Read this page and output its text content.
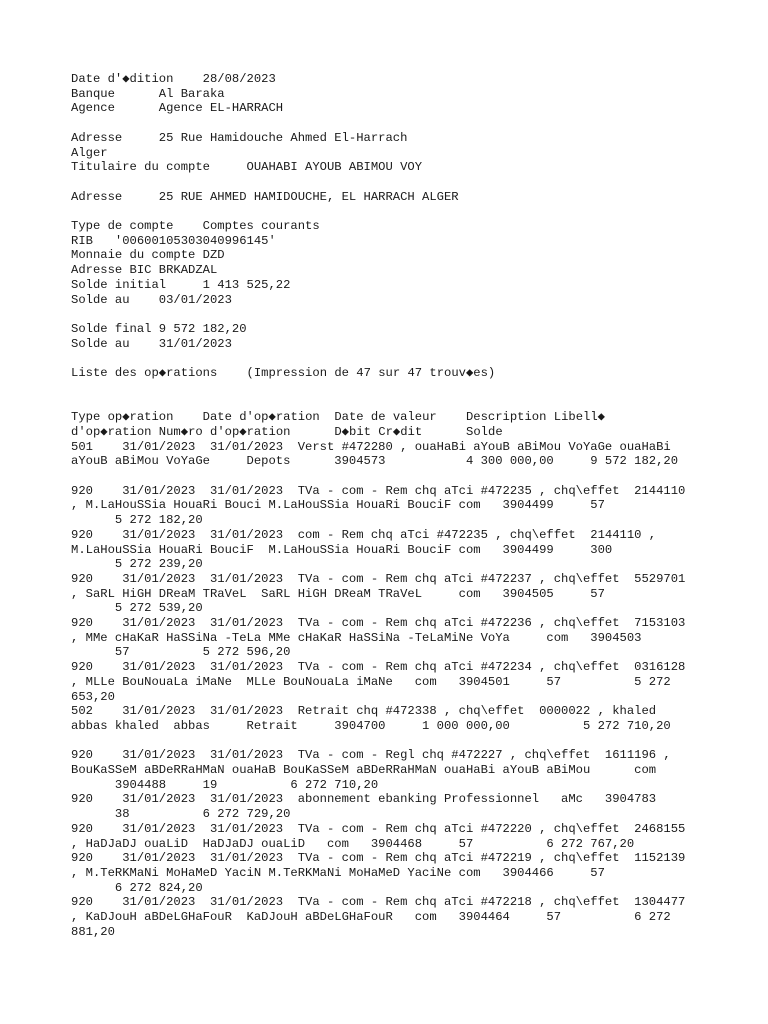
Date d'◆dition    28/08/2023
Banque      Al Baraka
Agence      Agence EL-HARRACH

Adresse     25 Rue Hamidouche Ahmed El-Harrach
Alger
Titulaire du compte     OUAHABI AYOUB ABIMOU VOY

Adresse     25 RUE AHMED HAMIDOUCHE, EL HARRACH ALGER

Type de compte    Comptes courants
RIB   '00600105303040996145'
Monnaie du compte DZD
Adresse BIC BRKADZAL
Solde initial     1 413 525,22
Solde au    03/01/2023

Solde final 9 572 182,20
Solde au    31/01/2023

Liste des op◆rations    (Impression de 47 sur 47 trouv◆es)

Type op◆ration    Date d'op◆ration  Date de valeur    Description Libell◆
d'op◆ration Num◆ro d'op◆ration      D◆bit Cr◆dit      Solde
501    31/01/2023  31/01/2023  Verst #472280 , ouaHaBi aYouB aBiMou VoYaGe ouaHaBi
aYouB aBiMou VoYaGe     Depots      3904573           4 300 000,00     9 572 182,20

920    31/01/2023  31/01/2023  TVa - com - Rem chq aTci #472235 , chq\effet  2144110
, M.LaHouSSia HouaRi Bouci M.LaHouSSia HouaRi BouciF com   3904499     57
5 272 182,20
920    31/01/2023  31/01/2023  com - Rem chq aTci #472235 , chq\effet  2144110 ,
M.LaHouSSia HouaRi BouciF  M.LaHouSSia HouaRi BouciF com   3904499     300
5 272 239,20
920    31/01/2023  31/01/2023  TVa - com - Rem chq aTci #472237 , chq\effet  5529701
, SaRL HiGH DReaM TRaVeL  SaRL HiGH DReaM TRaVeL     com   3904505     57
5 272 539,20
920    31/01/2023  31/01/2023  TVa - com - Rem chq aTci #472236 , chq\effet  7153103
, MMe cHaKaR HaSSiNa -TeLa MMe cHaKaR HaSSiNa -TeLaMiNe VoYa     com   3904503
57          5 272 596,20
920    31/01/2023  31/01/2023  TVa - com - Rem chq aTci #472234 , chq\effet  0316128
, MLLe BouNouaLa iMaNe  MLLe BouNouaLa iMaNe   com   3904501     57          5 272
653,20
502    31/01/2023  31/01/2023  Retrait chq #472338 , chq\effet  0000022 , khaled
abbas khaled  abbas     Retrait     3904700     1 000 000,00          5 272 710,20

920    31/01/2023  31/01/2023  TVa - com - Regl chq #472227 , chq\effet  1611196 ,
BouKaSSeM aBDeRRaHMaN ouaHaB BouKaSSeM aBDeRRaHMaN ouaHaBi aYouB aBiMou      com
3904488     19          6 272 710,20
920    31/01/2023  31/01/2023  abonnement ebanking Professionnel   aMc   3904783
38          6 272 729,20
920    31/01/2023  31/01/2023  TVa - com - Rem chq aTci #472220 , chq\effet  2468155
, HaDJaDJ ouaLiD  HaDJaDJ ouaLiD   com   3904468     57          6 272 767,20
920    31/01/2023  31/01/2023  TVa - com - Rem chq aTci #472219 , chq\effet  1152139
, M.TeRKMaNi MoHaMeD YaciN M.TeRKMaNi MoHaMeD YaciNe com   3904466     57
6 272 824,20
920    31/01/2023  31/01/2023  TVa - com - Rem chq aTci #472218 , chq\effet  1304477
, KaDJouH aBDeLGHaFouR  KaDJouH aBDeLGHaFouR   com   3904464     57          6 272
881,20
